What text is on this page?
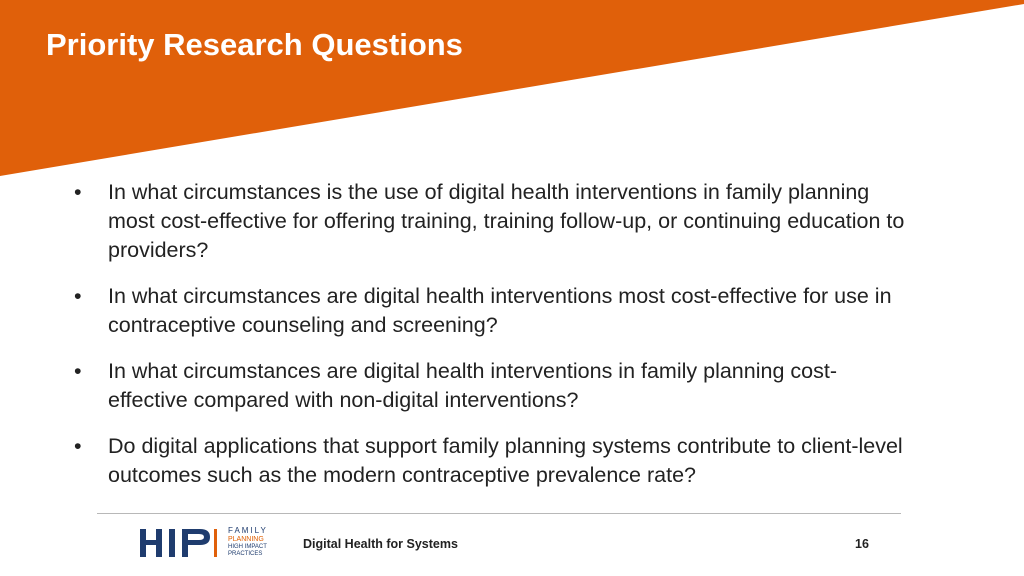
Priority Research Questions
• In what circumstances is the use of digital health interventions in family planning most cost-effective for offering training, training follow-up, or continuing education to providers?
• In what circumstances are digital health interventions most cost-effective for use in contraceptive counseling and screening?
• In what circumstances are digital health interventions in family planning cost-effective compared with non-digital interventions?
• Do digital applications that support family planning systems contribute to client-level outcomes such as the modern contraceptive prevalence rate?
FAMILY
PLANNING
HIGH IMPACT
PRACTICES
Digital Health for Systems	16
